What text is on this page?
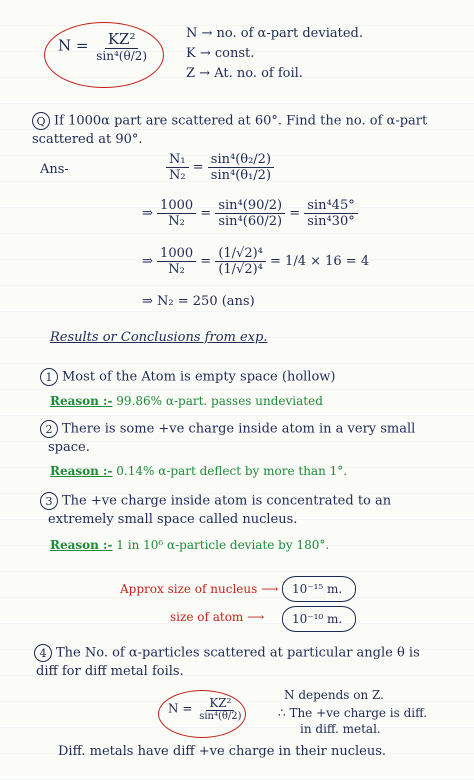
$N = \frac{\text{KZ²}}{\text{sin⁴(θ/2)}}$	N → no. of α-part deviated.
K → const.
Z → At. no. of foil.
Q If 1000α part are scattered at 60°. Find the no. of α-part
scattered at 90°.
Ans-	$\frac{\text{N₁}}{\text{N₂}} = \frac{\text{sin⁴(θ₂/2)}}{\text{sin⁴(θ₁/2)}}$
⇒ $\frac{1000}{\text{N₂}} = \frac{\text{sin⁴(90/2)}}{\text{sin⁴(60/2)}} = \frac{\text{sin⁴45°}}{\text{sin⁴30°}}$
⇒ $\frac{1000}{\text{N₂}} = \frac{\text{(1/√2)⁴}}{\text{(1/√2)⁴}} = 1/4 \times 16 = 4$
⇒ N₂ = 250 (ans)
Results or Conclusions from exp.
1 Most of the Atom is empty space (hollow)
Reason :- 99.86% α-part. passes undeviated
2 There is some +ve charge inside atom in a very small
space.
Reason :- 0.14% α-part deflect by more than 1°.
3 The +ve charge inside atom is concentrated to an
extremely small space called nucleus.
Reason :- 1 in 10⁶ α-particle deviate by 180°.
Approx size of nucleus ⟶ 10⁻¹⁵ m.
size of atom ⟶ 10⁻¹⁰ m.
4 The No. of α-particles scattered at particular angle θ is
diff for diff metal foils.
$N = \frac{\text{KZ²}}{\text{sin⁴(θ/2)}}$
N depends on Z.
∴ The +ve charge is diff.
in diff. metal.
Diff. metals have diff +ve charge in their nucleus.
